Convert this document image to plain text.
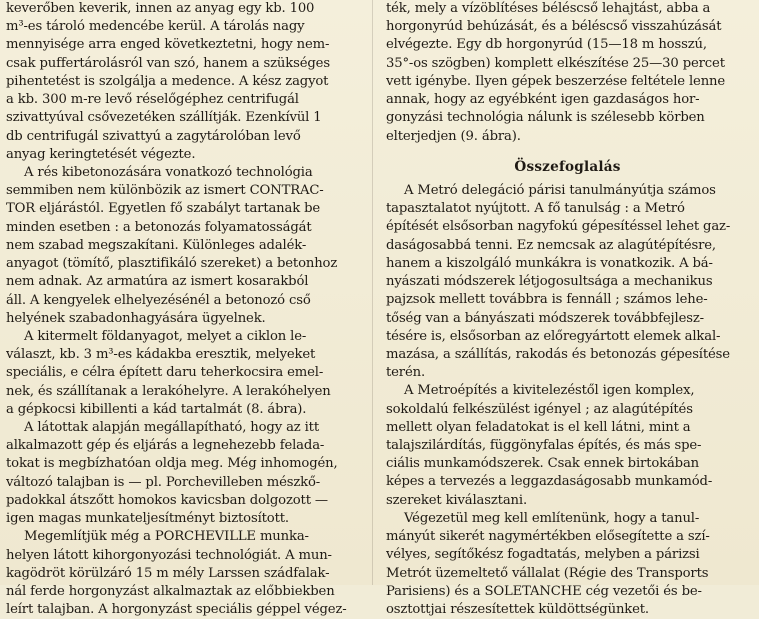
keverőben keverik, innen az anyag egy kb. 100
m³-es tároló medencébe kerül. A tárolás nagy
mennyisége arra enged következtetni, hogy nem-
csak puffertárolásról van szó, hanem a szükséges
pihentetést is szolgálja a medence. A kész zagyot
a kb. 300 m-re levő réselőgéphez centrifugál
szivattyúval csővezetéken szállítják. Ezenkívül 1
db centrifugál szivattyú a zagytárolóban levő
anyag keringtetését végezte.
A rés kibetonozására vonatkozó technológia
semmiben nem különbözik az ismert CONTRAC-
TOR eljárástól. Egyetlen fő szabályt tartanak be
minden esetben : a betonozás folyamatosságát
nem szabad megszakítani. Különleges adalék-
anyagot (tömítő, plasztifikáló szereket) a betonhoz
nem adnak. Az armatúra az ismert kosarakból
áll. A kengyelek elhelyezésénél a betonozó cső
helyének szabadonhagyására ügyelnek.
A kitermelt földanyagot, melyet a ciklon le-
választ, kb. 3 m³-es kádakba eresztik, melyeket
speciális, e célra épített daru teherkocsira emel-
nek, és szállítanak a lerakóhelyre. A lerakóhelyen
a gépkocsi kibillenti a kád tartalmát (8. ábra).
A látottak alapján megállapítható, hogy az itt
alkalmazott gép és eljárás a legnehezebb felada-
tokat is megbízhatóan oldja meg. Még inhomogén,
változó talajban is — pl. Porchevilleben mészkő-
padokkal átszőtt homokos kavicsban dolgozott —
igen magas munkateljesítményt biztosított.
Megemlítjük még a PORCHEVILLE munka-
helyen látott kihorgonyozási technológiát. A mun-
kagödröt körülzáró 15 m mély Larssen szádfalak-
nál ferde horgonyzást alkalmaztak az előbbiekben
leírt talajban. A horgonyzást speciális géppel végez-
ték, mely a vízöblítéses béléscső lehajtást, abba a
horgonyrúd behúzását, és a béléscső visszahúzását
elvégezte. Egy db horgonyrúd (15—18 m hosszú,
35°-os szögben) komplett elkészítése 25—30 percet
vett igénybe. Ilyen gépek beszerzése feltétele lenne
annak, hogy az egyébként igen gazdaságos hor-
gonyzási technológia nálunk is szélesebb körben
elterjedjen (9. ábra).
Összefoglalás
A Metró delegáció párisi tanulmányútja számos
tapasztalatot nyújtott. A fő tanulság : a Metró
építését elsősorban nagyfokú gépesítéssel lehet gaz-
daságosabbá tenni. Ez nemcsak az alagútépítésre,
hanem a kiszolgáló munkákra is vonatkozik. A bá-
nyászati módszerek létjogosultsága a mechanikus
pajzsok mellett továbbra is fennáll ; számos lehe-
tőség van a bányászati módszerek továbbfejlesz-
tésére is, elsősorban az előregyártott elemek alkal-
mazása, a szállítás, rakodás és betonozás gépesítése
terén.
A Metroépítés a kivitelezéstől igen komplex,
sokoldalú felkészülést igényel ; az alagútépítés
mellett olyan feladatokat is el kell látni, mint a
talajszilárdítás, függönyfalas építés, és más spe-
ciális munkamódszerek. Csak ennek birtokában
képes a tervezés a leggazdaságosabb munkamód-
szereket kiválasztani.
Végezetül meg kell említenünk, hogy a tanul-
mányút sikerét nagymértékben elősegítette a szí-
vélyes, segítőkész fogadtatás, melyben a párizsi
Metrót üzemeltető vállalat (Régie des Transports
Parisiens) és a SOLETANCHE cég vezetői és be-
osztottjai részesítettek küldöttségünket.
